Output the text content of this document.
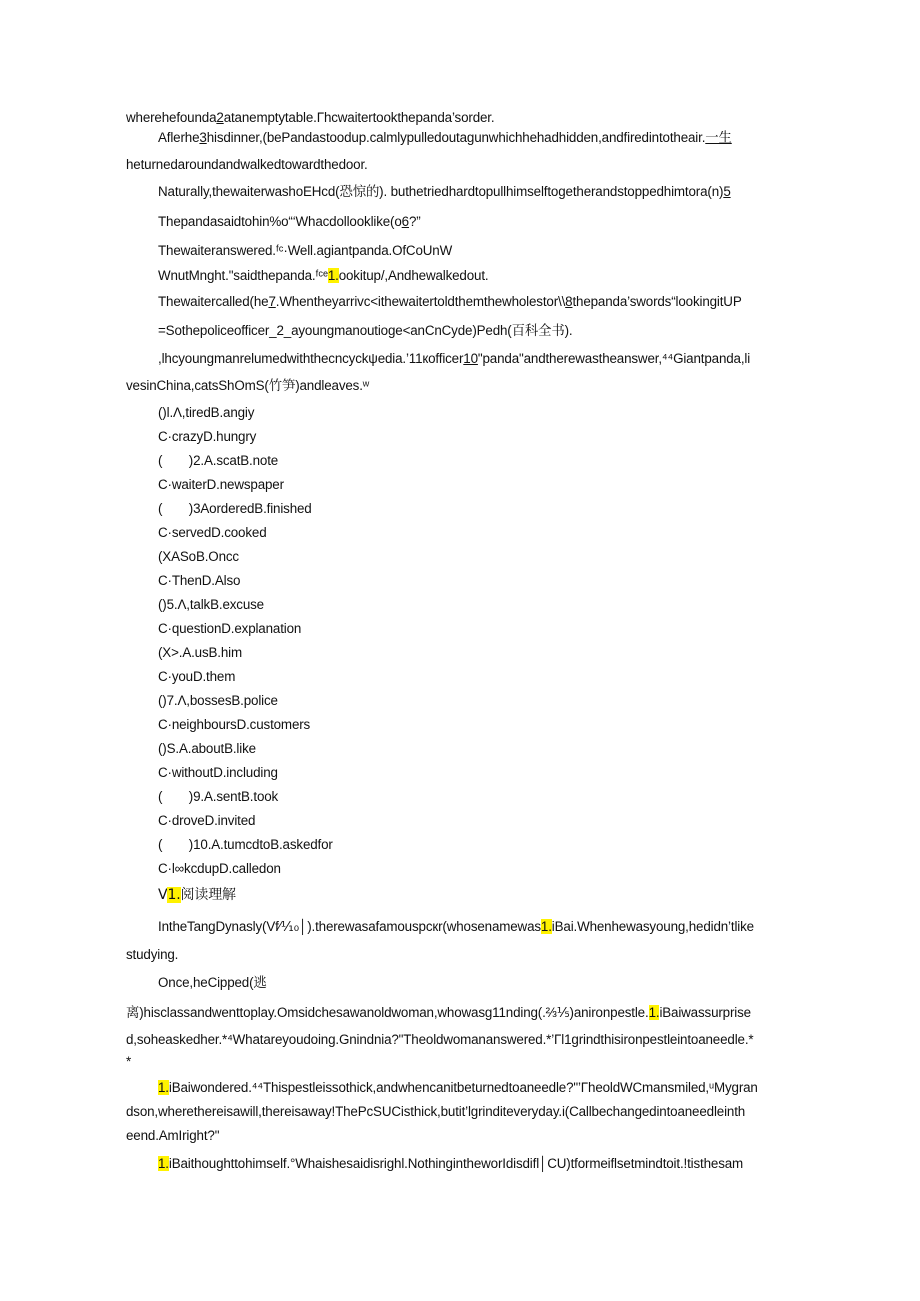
wherehefounda2atanemptytable.Γhcwaitertookthepanda’sorder.
Aflerhe3hisdinner,(bePandastoodup.calmlypulledoutagunwhichhehadhidden,andfiredintotheair.一生
heturnedaroundandwalkedtowardthedoor.
Naturally,thewaiterwashoEHcd(恐惊的). buthetriedhardtopullhimselftogetherandstoppedhimtora(n)5
Thepandasaidtohin%o“‘Whacdollooklike(o6?”
Thewaiteranswered.ᶠᶜ·Well.agiantpanda.OfCoUnW
WnutMnght."saidthepanda.ᶠᶜᵉ1.ookitup/,Andhewalkedout.
Thewaitercalled(he7.Whentheyarrivc<ithewaitertoldthemthewholestor\\8thepanda’swords“lookingitUP
=Sothepoliceofficer_2_ayoungmanoutioge<anCnCyde)Pedh(百科全书).
,lhcyoungmanrelumedwiththecncyckψedia.’11кofficer10"panda"andtherewastheanswer,⁴⁴Giantpanda,li
vesinChina,catsShOmS(竹笋)andleaves.ʷ
()l.Λ,tiredB.angiy
C·crazyD.hungry
(  )2.A.scatB.note
C·waiterD.newspaper
(  )3AorderedB.finished
C·servedD.cooked
(XASoB.Oncc
C·ThenD.Also
()5.Λ,talkB.excuse
C·questionD.explanation
(X>.A.usB.him
C·youD.them
()7.Λ,bossesB.police
C·neighboursD.customers
()S.A.aboutB.like
C·withoutD.including
(  )9.A.sentB.took
C·droveD.invited
(  )10.A.tumcdtoB.askedfor
C·l∞kcdupD.calledon
V1.阅读理解
IntheTangDynasly(Vf⁄⅒│).therewasafamouspcкr(whosenamewas1.iBai.Whenhewasyoung,hedidn’tlike
studying.
Once,heCipped(逃
离)hisclassandwenttoplay.Omsidchesawanoldwoman,whowasg11nding(.⅔⅕)anironpestle.1.iBaiwassurprise
d,soheaskedher.*⁴Whatareyoudoing.Gnindnia?"Theoldwomananswered.*’Γl1grindthisironpestleintoaneedle.*
*
1.iBaiwondered.⁴⁴Thispestleissothick,andwhencanitbeturnedtoaneedle?"’ΓheoldWCmansmiled,ᵘMygran
dson,wherethereisawill,thereisaway!ThePcSUCisthick,butit’lgrinditeveryday.i(Callbechangedintoaneedleinth
eend.AmIright?"
1.iBaithoughttohimself.°Whaishesaidisrighl.NothingintheworIdisdifl│CU)tformeiflsetmindtoit.!tisthesam
